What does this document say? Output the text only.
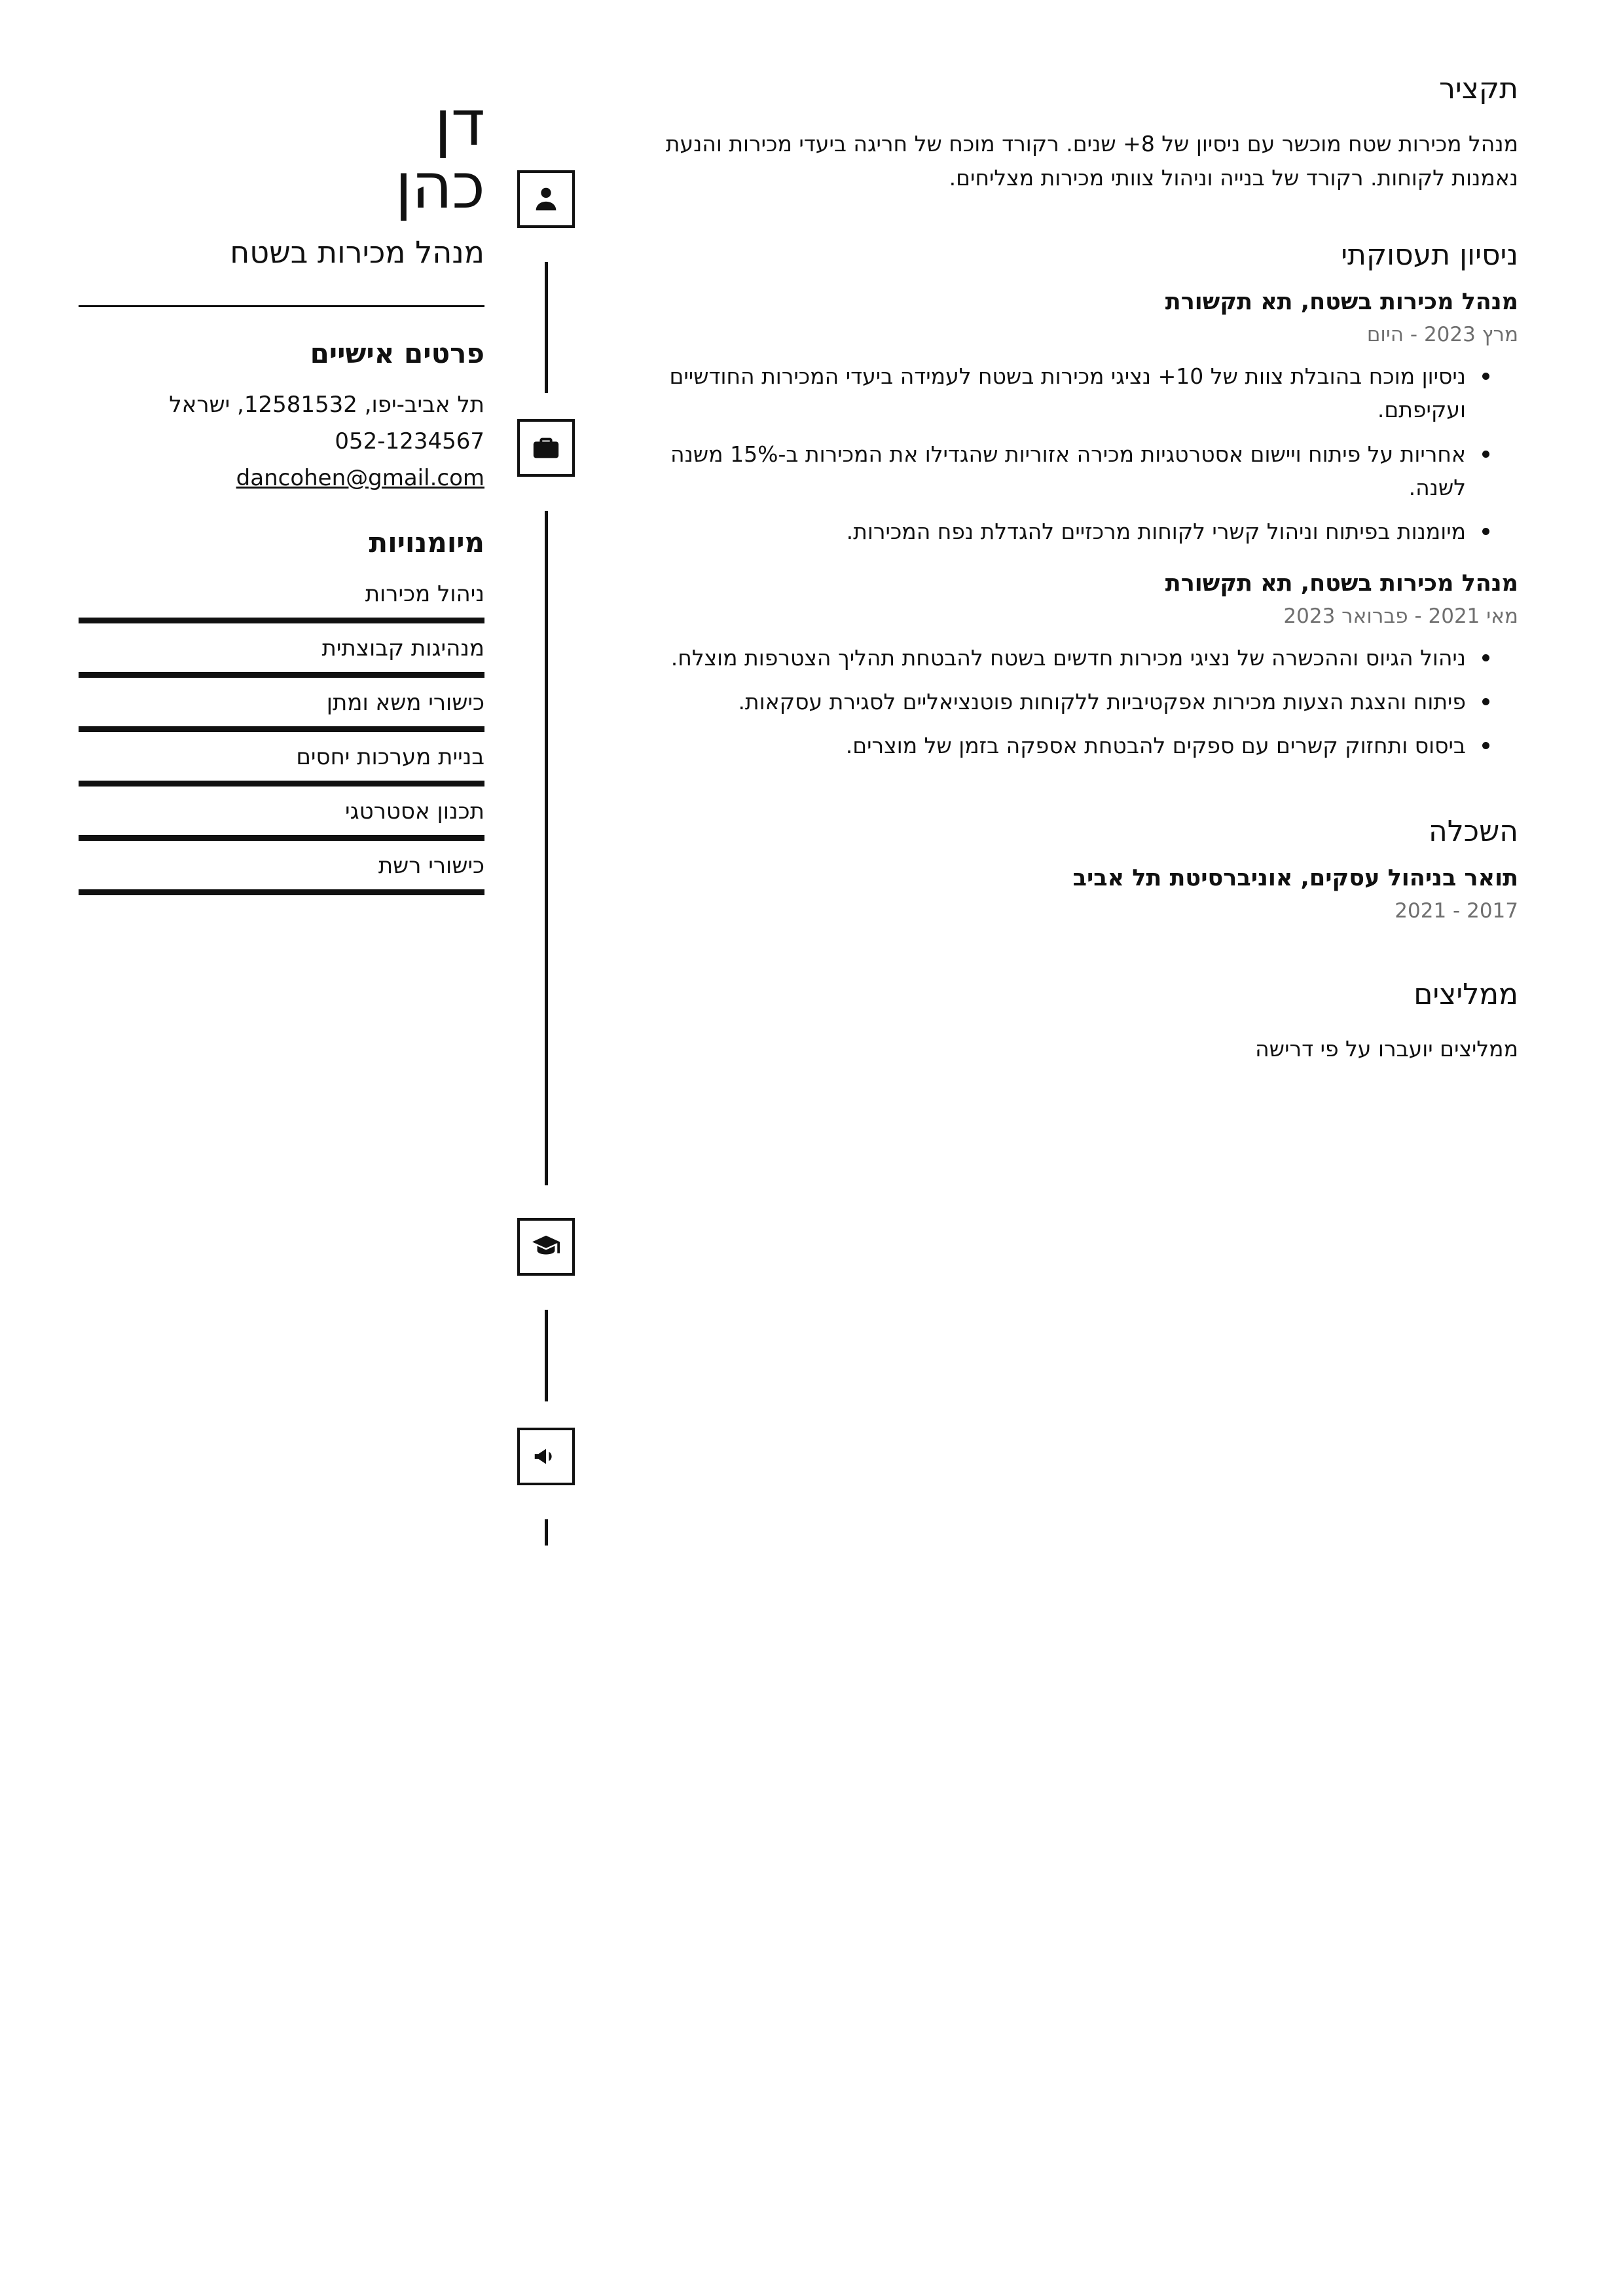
תקציר

מנהל מכירות שטח מוכשר עם ניסיון של 8+ שנים. רקורד מוכח של חריגה ביעדי מכירות והנעת נאמנות לקוחות. רקורד של בנייה וניהול צוותי מכירות מצליחים.

ניסיון תעסוקתי
מנהל מכירות בשטח, תא תקשורת
מרץ 2023 - היום
ניסיון מוכח בהובלת צוות של 10+ נציגי מכירות בשטח לעמידה ביעדי המכירות החודשיים ועקיפתם.
אחריות על פיתוח ויישום אסטרטגיות מכירה אזוריות שהגדילו את המכירות ב-15% משנה לשנה.
מיומנות בפיתוח וניהול קשרי לקוחות מרכזיים להגדלת נפח המכירות.
מנהל מכירות בשטח, תא תקשורת
מאי 2021 - פברואר 2023
ניהול הגיוס וההכשרה של נציגי מכירות חדשים בשטח להבטחת תהליך הצטרפות מוצלח.
פיתוח והצגת הצעות מכירות אפקטיביות ללקוחות פוטנציאליים לסגירת עסקאות.
ביסוס ותחזוק קשרים עם ספקים להבטחת אספקה בזמן של מוצרים.
השכלה
תואר בניהול עסקים, אוניברסיטת תל אביב
2017 - 2021
ממליצים

ממליצים יועברו על פי דרישה

דן
כהן
מנהל מכירות בשטח
פרטים אישיים
תל אביב-יפו, 12581532, ישראל
052-1234567
dancohen@gmail.com
מיומנויות
ניהול מכירות
מנהיגות קבוצתית
כישורי משא ומתן
בניית מערכות יחסים
תכנון אסטרטגי
כישורי רשת
